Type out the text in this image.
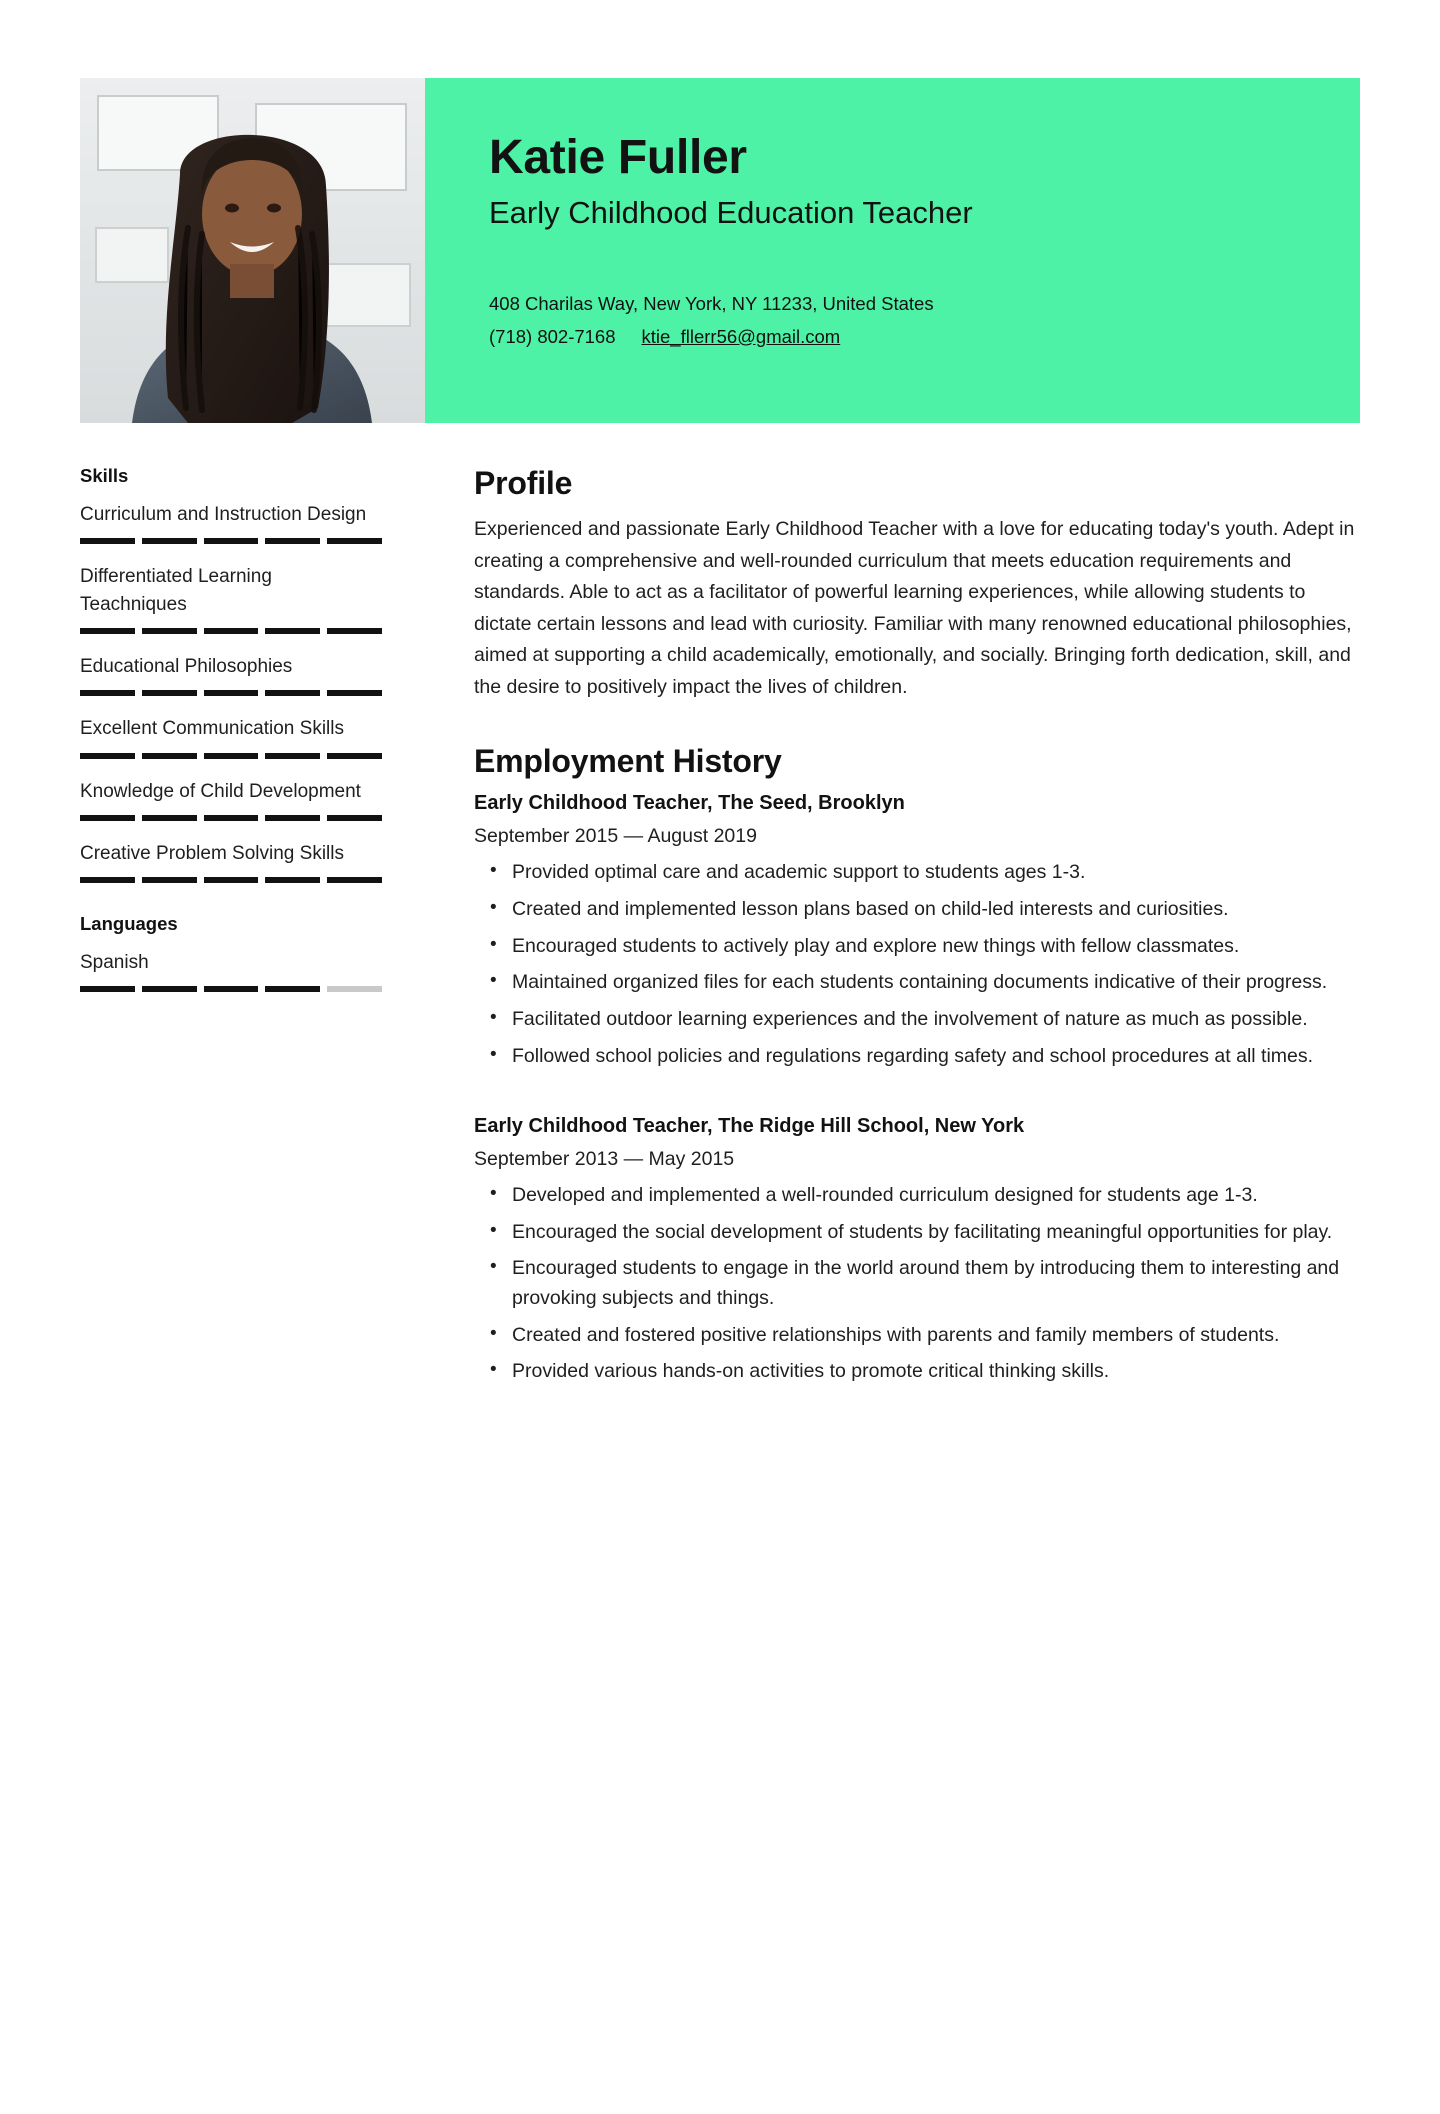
Katie Fuller
Early Childhood Education Teacher
408 Charilas Way, New York, NY 11233, United States
(718) 802-7168 ktie_fllerr56@gmail.com
Skills
Curriculum and Instruction Design
Differentiated Learning Teachniques
Educational Philosophies
Excellent Communication Skills
Knowledge of Child Development
Creative Problem Solving Skills
Languages
Spanish
Profile

Experienced and passionate Early Childhood Teacher with a love for educating today's youth. Adept in creating a comprehensive and well-rounded curriculum that meets education requirements and standards. Able to act as a facilitator of powerful learning experiences, while allowing students to dictate certain lessons and lead with curiosity. Familiar with many renowned educational philosophies, aimed at supporting a child academically, emotionally, and socially. Bringing forth dedication, skill, and the desire to positively impact the lives of children.

Employment History
Early Childhood Teacher, The Seed, Brooklyn
September 2015 — August 2019
• Provided optimal care and academic support to students ages 1-3.
• Created and implemented lesson plans based on child-led interests and curiosities.
• Encouraged students to actively play and explore new things with fellow classmates.
• Maintained organized files for each students containing documents indicative of their progress.
• Facilitated outdoor learning experiences and the involvement of nature as much as possible.
• Followed school policies and regulations regarding safety and school procedures at all times.
Early Childhood Teacher, The Ridge Hill School, New York
September 2013 — May 2015
• Developed and implemented a well-rounded curriculum designed for students age 1-3.
• Encouraged the social development of students by facilitating meaningful opportunities for play.
• Encouraged students to engage in the world around them by introducing them to interesting and provoking subjects and things.
• Created and fostered positive relationships with parents and family members of students.
• Provided various hands-on activities to promote critical thinking skills.
